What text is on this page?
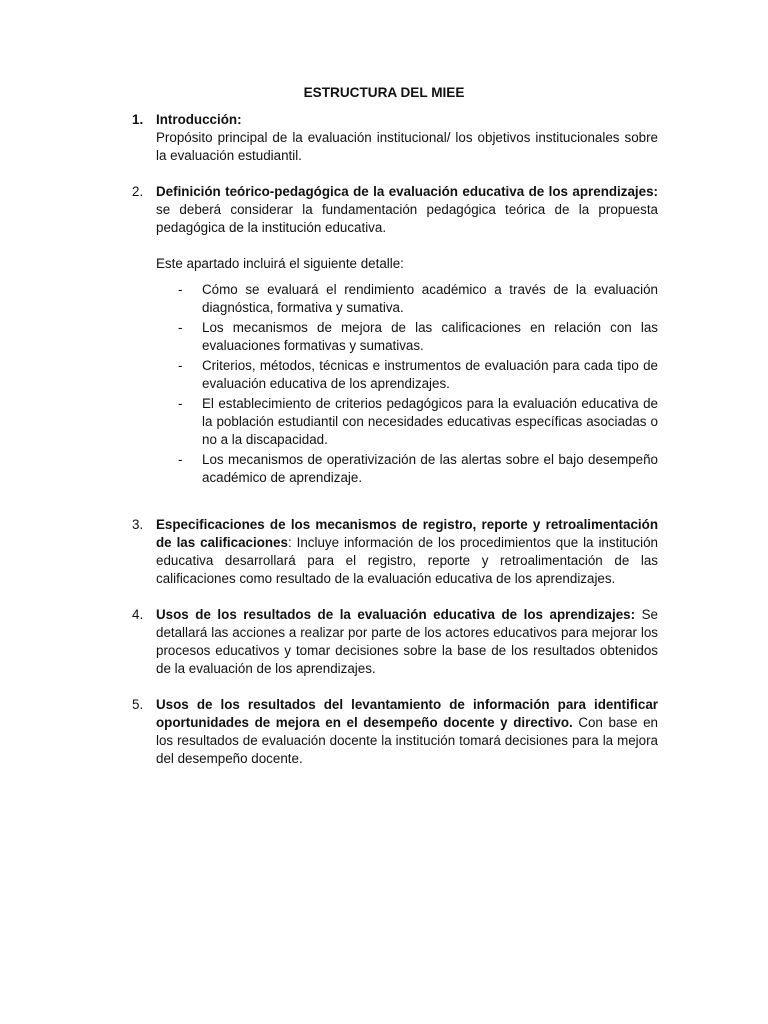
ESTRUCTURA DEL MIEE
1. Introducción:
Propósito principal de la evaluación institucional/ los objetivos institucionales sobre la evaluación estudiantil.
2. Definición teórico-pedagógica de la evaluación educativa de los aprendizajes: se deberá considerar la fundamentación pedagógica teórica de la propuesta pedagógica de la institución educativa.
Este apartado incluirá el siguiente detalle:
- Cómo se evaluará el rendimiento académico a través de la evaluación diagnóstica, formativa y sumativa.
- Los mecanismos de mejora de las calificaciones en relación con las evaluaciones formativas y sumativas.
- Criterios, métodos, técnicas e instrumentos de evaluación para cada tipo de evaluación educativa de los aprendizajes.
- El establecimiento de criterios pedagógicos para la evaluación educativa de la población estudiantil con necesidades educativas específicas asociadas o no a la discapacidad.
- Los mecanismos de operativización de las alertas sobre el bajo desempeño académico de aprendizaje.
3. Especificaciones de los mecanismos de registro, reporte y retroalimentación de las calificaciones: Incluye información de los procedimientos que la institución educativa desarrollará para el registro, reporte y retroalimentación de las calificaciones como resultado de la evaluación educativa de los aprendizajes.
4. Usos de los resultados de la evaluación educativa de los aprendizajes: Se detallará las acciones a realizar por parte de los actores educativos para mejorar los procesos educativos y tomar decisiones sobre la base de los resultados obtenidos de la evaluación de los aprendizajes.
5. Usos de los resultados del levantamiento de información para identificar oportunidades de mejora en el desempeño docente y directivo. Con base en los resultados de evaluación docente la institución tomará decisiones para la mejora del desempeño docente.
